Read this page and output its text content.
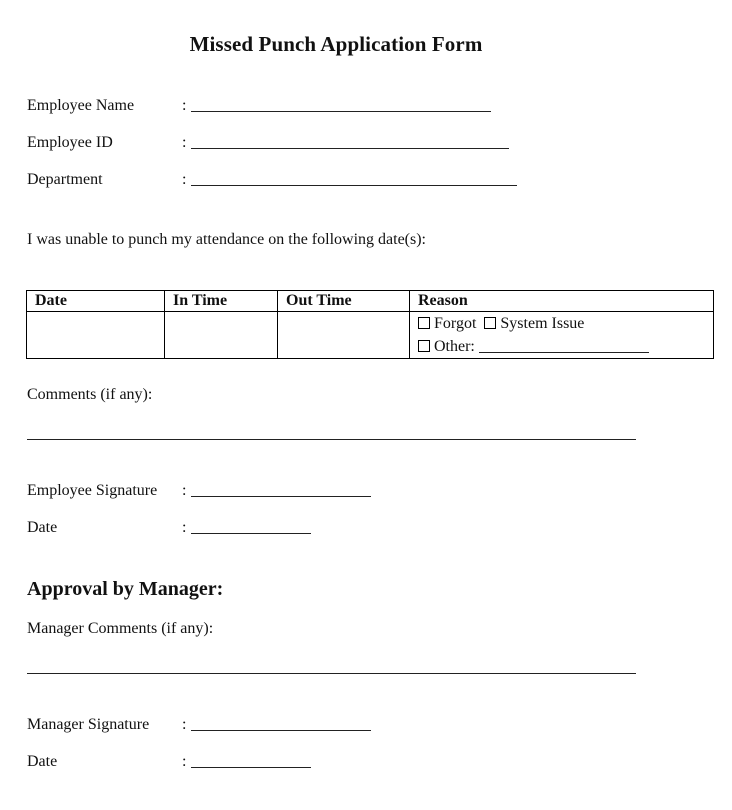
Missed Punch Application Form
Employee Name	:
Employee ID	:
Department	:
I was unable to punch my attendance on the following date(s):
Date	In Time	Out Time	Reason

			Forgot System Issue
Other:
Comments (if any):
Employee Signature :
Date	:
Approval by Manager:
Manager Comments (if any):
Manager Signature :
Date	:
